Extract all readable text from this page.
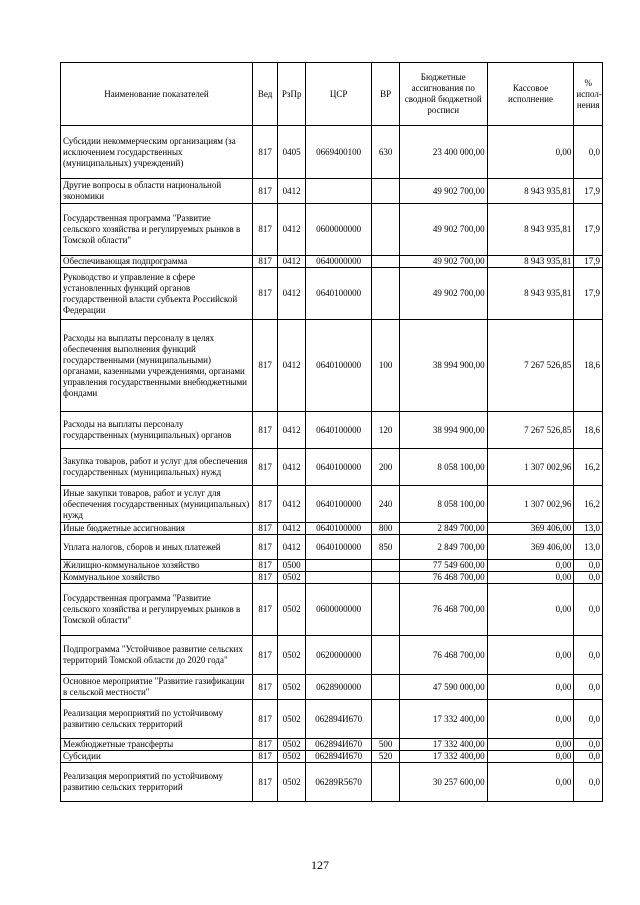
Наименование показателей	Вед	РзПр	ЦСР	ВР	Бюджетные ассигнования по сводной бюджетной росписи	Кассовое исполнение	% испол-нения
Субсидии некоммерческим организациям (за исключением государственных (муниципальных) учреждений)	817	0405	0669400100	630	23 400 000,00	0,00	0,0
Другие вопросы в области национальной экономики	817	0412			49 902 700,00	8 943 935,81	17,9
Государственная программа "Развитие сельского хозяйства и регулируемых рынков в Томской области"	817	0412	0600000000		49 902 700,00	8 943 935,81	17,9
Обеспечивающая подпрограмма	817	0412	0640000000		49 902 700,00	8 943 935,81	17,9
Руководство и управление в сфере установленных функций органов государственной власти субъекта Российской Федерации	817	0412	0640100000		49 902 700,00	8 943 935,81	17,9
Расходы на выплаты персоналу в целях обеспечения выполнения функций государственными (муниципальными) органами, казенными учреждениями, органами управления государственными внебюджетными фондами	817	0412	0640100000	100	38 994 900,00	7 267 526,85	18,6
Расходы на выплаты персоналу государственных (муниципальных) органов	817	0412	0640100000	120	38 994 900,00	7 267 526,85	18,6
Закупка товаров, работ и услуг для обеспечения государственных (муниципальных) нужд	817	0412	0640100000	200	8 058 100,00	1 307 002,96	16,2
Иные закупки товаров, работ и услуг для обеспечения государственных (муниципальных) нужд	817	0412	0640100000	240	8 058 100,00	1 307 002,96	16,2
Иные бюджетные ассигнования	817	0412	0640100000	800	2 849 700,00	369 406,00	13,0
Уплата налогов, сборов и иных платежей	817	0412	0640100000	850	2 849 700,00	369 406,00	13,0
Жилищно-коммунальное хозяйство	817	0500			77 549 600,00	0,00	0,0
Коммунальное хозяйство	817	0502			76 468 700,00	0,00	0,0
Государственная программа "Развитие сельского хозяйства и регулируемых рынков в Томской области"	817	0502	0600000000		76 468 700,00	0,00	0,0
Подпрограмма "Устойчивое развитие сельских территорий Томской области до 2020 года"	817	0502	0620000000		76 468 700,00	0,00	0,0
Основное мероприятие "Развитие газификации в сельской местности"	817	0502	0628900000		47 590 000,00	0,00	0,0
Реализация мероприятий по устойчивому развитию сельских территорий	817	0502	062894И670		17 332 400,00	0,00	0,0
Межбюджетные трансферты	817	0502	062894И670	500	17 332 400,00	0,00	0,0
Субсидии	817	0502	062894И670	520	17 332 400,00	0,00	0,0
Реализация мероприятий по устойчивому развитию сельских территорий	817	0502	06289R5670		30 257 600,00	0,00	0,0
127
